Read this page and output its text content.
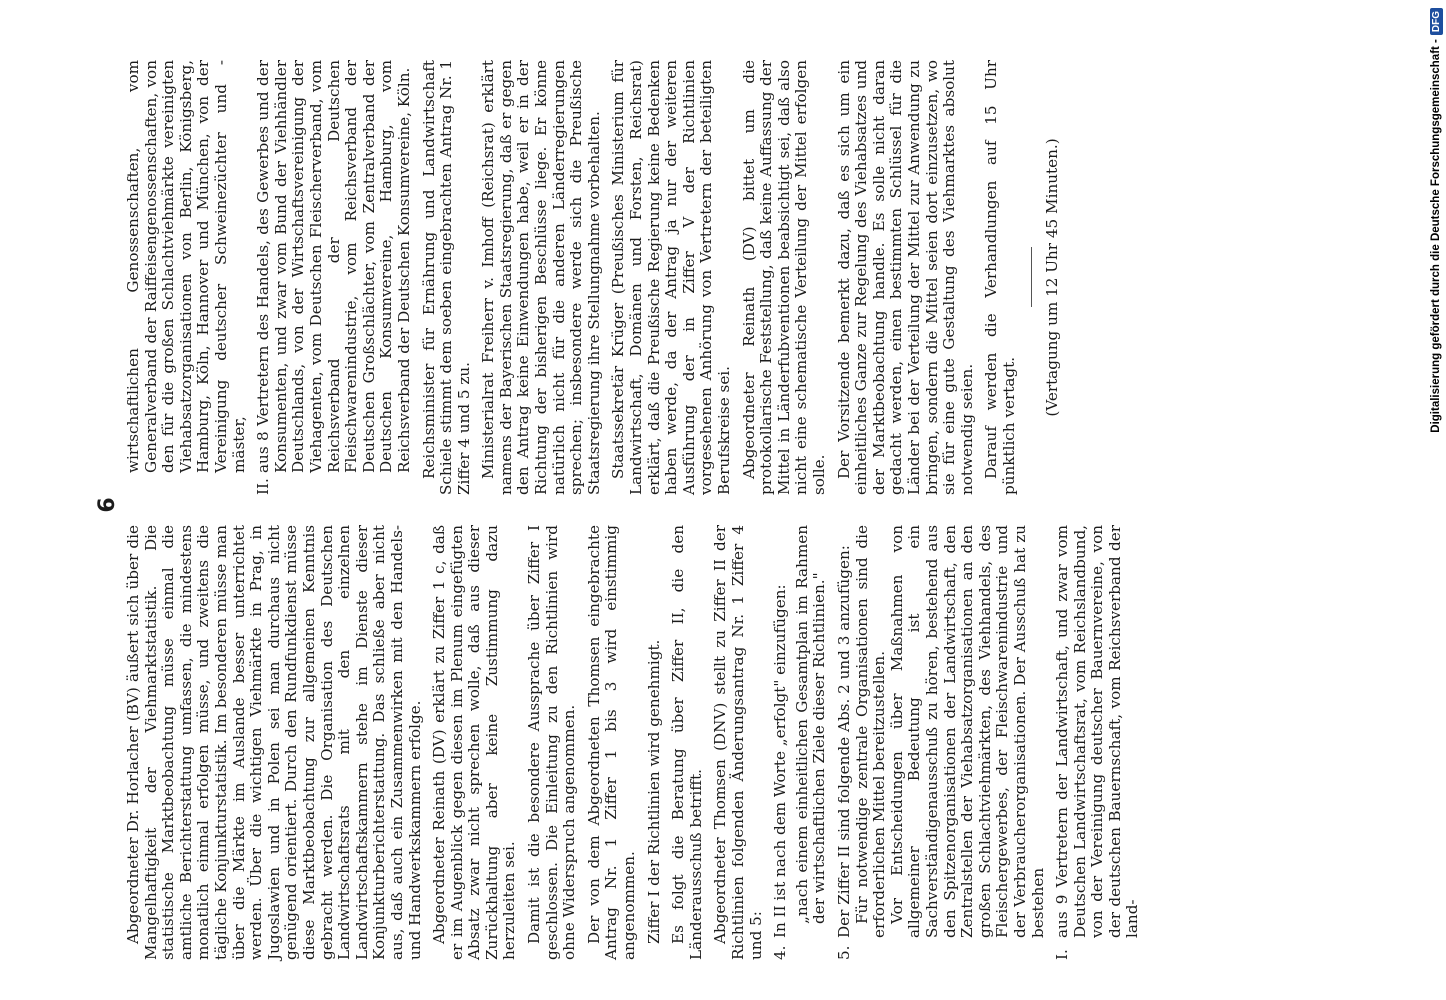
6

Abgeordneter Dr. Horlacher (BV) äußert sich über die Mangelhaftigkeit der Viehmarktstatistik. Die statistische Marktbeobachtung müsse einmal die amtliche Berichterstattung umfassen, die mindestens monatlich einmal erfolgen müsse, und zweitens die tägliche Konjunkturstatistik. Im besonderen müsse man über die Märkte im Auslande besser unterrichtet werden. Über die wichtigen Viehmärkte in Prag, in Jugoslawien und in Polen sei man durchaus nicht genügend orientiert. Durch den Rundfunkdienst müsse diese Marktbeobachtung zur allgemeinen Kenntnis gebracht werden. Die Organisation des Deutschen Landwirtschaftsrats mit den einzelnen Landwirtschaftskammern stehe im Dienste dieser Konjunkturberichterstattung. Das schließe aber nicht aus, daß auch ein Zusammenwirken mit den Handels- und Handwerkskammern erfolge. Abgeordneter Reinath (DV) erklärt zu Ziffer 1 c, daß er im Augenblick gegen diesen im Plenum eingefügten Absatz zwar nicht sprechen wolle, daß aus dieser Zurückhaltung aber keine Zustimmung dazu herzuleiten sei. Damit ist die besondere Aussprache über Ziffer I geschlossen. Die Einleitung zu den Richtlinien wird ohne Widerspruch angenommen. Der von dem Abgeordneten Thomsen eingebrachte Antrag Nr. 1 Ziffer 1 bis 3 wird einstimmig angenommen. Ziffer I der Richtlinien wird genehmigt. Es folgt die Beratung über Ziffer II, die den Länderausschuß betrifft. Abgeordneter Thomsen (DNV) stellt zu Ziffer II der Richtlinien folgenden Änderungsantrag Nr. 1 Ziffer 4 und 5: 4.

In II ist nach dem Worte „erfolgt" einzufügen: „nach einem einheitlichen Gesamtplan im Rahmen der wirtschaftlichen Ziele dieser Richtlinien."

5.

Der Ziffer II sind folgende Abs. 2 und 3 anzufügen: Für notwendige zentrale Organisationen sind die erforderlichen Mittel bereitzustellen. Vor Entscheidungen über Maßnahmen von allgemeiner Bedeutung ist ein Sachverständigenausschuß zu hören, bestehend aus den Spitzenorganisationen der Landwirtschaft, den Zentralstellen der Viehabsatzorganisationen an den großen Schlachtviehmärkten, des Viehhandels, des Fleischergewerbes, der Fleischwarenindustrie und der Verbraucherorganisationen. Der Ausschuß hat zu bestehen

I.

aus 9 Vertretern der Landwirtschaft, und zwar vom Deutschen Landwirtschaftsrat, vom Reichslandbund, von der Vereinigung deutscher Bauernvereine, von der deutschen Bauernschaft, vom Reichsverband der land-

wirtschaftlichen Genossenschaften, vom Generalverband der Raiffeisengenossenschaften, von den für die großen Schlachtviehmärkte vereinigten Viehabsatzorganisationen von Berlin, Königsberg, Hamburg, Köln, Hannover und München, von der Vereinigung deutscher Schweinezüchter und -mäster,

II.

aus 8 Vertretern des Handels, des Gewerbes und der Konsumenten, und zwar vom Bund der Viehhändler Deutschlands, von der Wirtschaftsvereinigung der Viehagenten, vom Deutschen Fleischerverband, vom Reichsverband der Deutschen Fleischwarenindustrie, vom Reichsverband der Deutschen Großschlächter, vom Zentralverband der Deutschen Konsumvereine, Hamburg, vom Reichsverband der Deutschen Konsumvereine, Köln. Reichsminister für Ernährung und Landwirtschaft Schiele stimmt dem soeben eingebrachten Antrag Nr. 1 Ziffer 4 und 5 zu. Ministerialrat Freiherr v. Imhoff (Reichsrat) erklärt namens der Bayerischen Staatsregierung, daß er gegen den Antrag keine Einwendungen habe, weil er in der Richtung der bisherigen Beschlüsse liege. Er könne natürlich nicht für die anderen Länderregierungen sprechen; insbesondere werde sich die Preußische Staatsregierung ihre Stellungnahme vorbehalten. Staatssekretär Krüger (Preußisches Ministerium für Landwirtschaft, Domänen und Forsten, Reichsrat) erklärt, daß die Preußische Regierung keine Bedenken haben werde, da der Antrag ja nur der weiteren Ausführung der in Ziffer V der Richtlinien vorgesehenen Anhörung von Vertretern der beteiligten Berufskreise sei. Abgeordneter Reinath (DV) bittet um die protokollarische Feststellung, daß keine Auffassung der Mittel in Länderfubventionen beabsichtigt sei, daß also nicht eine schematische Verteilung der Mittel erfolgen solle. Der Vorsitzende bemerkt dazu, daß es sich um ein einheitliches Ganze zur Regelung des Viehabsatzes und der Marktbeobachtung handle. Es solle nicht daran gedacht werden, einen bestimmten Schlüssel für die Länder bei der Verteilung der Mittel zur Anwendung zu bringen, sondern die Mittel seien dort einzusetzen, wo sie für eine gute Gestaltung des Viehmarktes absolut notwendig seien. Darauf werden die Verhandlungen auf 15 Uhr pünktlich vertagt.

(Vertagung um 12 Uhr 45 Minuten.)	Digitalisierung gefördert durch die Deutsche Forschungsgemeinschaft -
DFG
